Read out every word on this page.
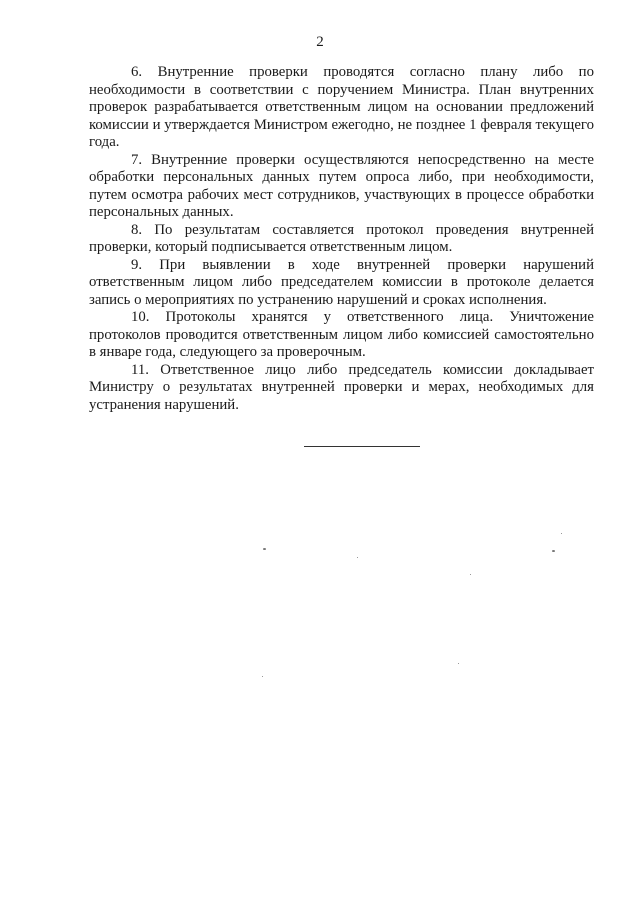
2

6. Внутренние проверки проводятся согласно плану либо по необходимости в соответствии с поручением Министра. План внутренних проверок разрабатывается ответственным лицом на основании предложений комиссии и утверждается Министром ежегодно, не позднее 1 февраля текущего года.

7. Внутренние проверки осуществляются непосредственно на месте обработки персональных данных путем опроса либо, при необходимости, путем осмотра рабочих мест сотрудников, участвующих в процессе обработки персональных данных.

8. По результатам составляется протокол проведения внутренней проверки, который подписывается ответственным лицом.

9. При выявлении в ходе внутренней проверки нарушений ответственным лицом либо председателем комиссии в протоколе делается запись о мероприятиях по устранению нарушений и сроках исполнения.

10. Протоколы хранятся у ответственного лица. Уничтожение протоколов проводится ответственным лицом либо комиссией самостоятельно в январе года, следующего за проверочным.

11. Ответственное лицо либо председатель комиссии докладывает Министру о результатах внутренней проверки и мерах, необходимых для устранения нарушений.
